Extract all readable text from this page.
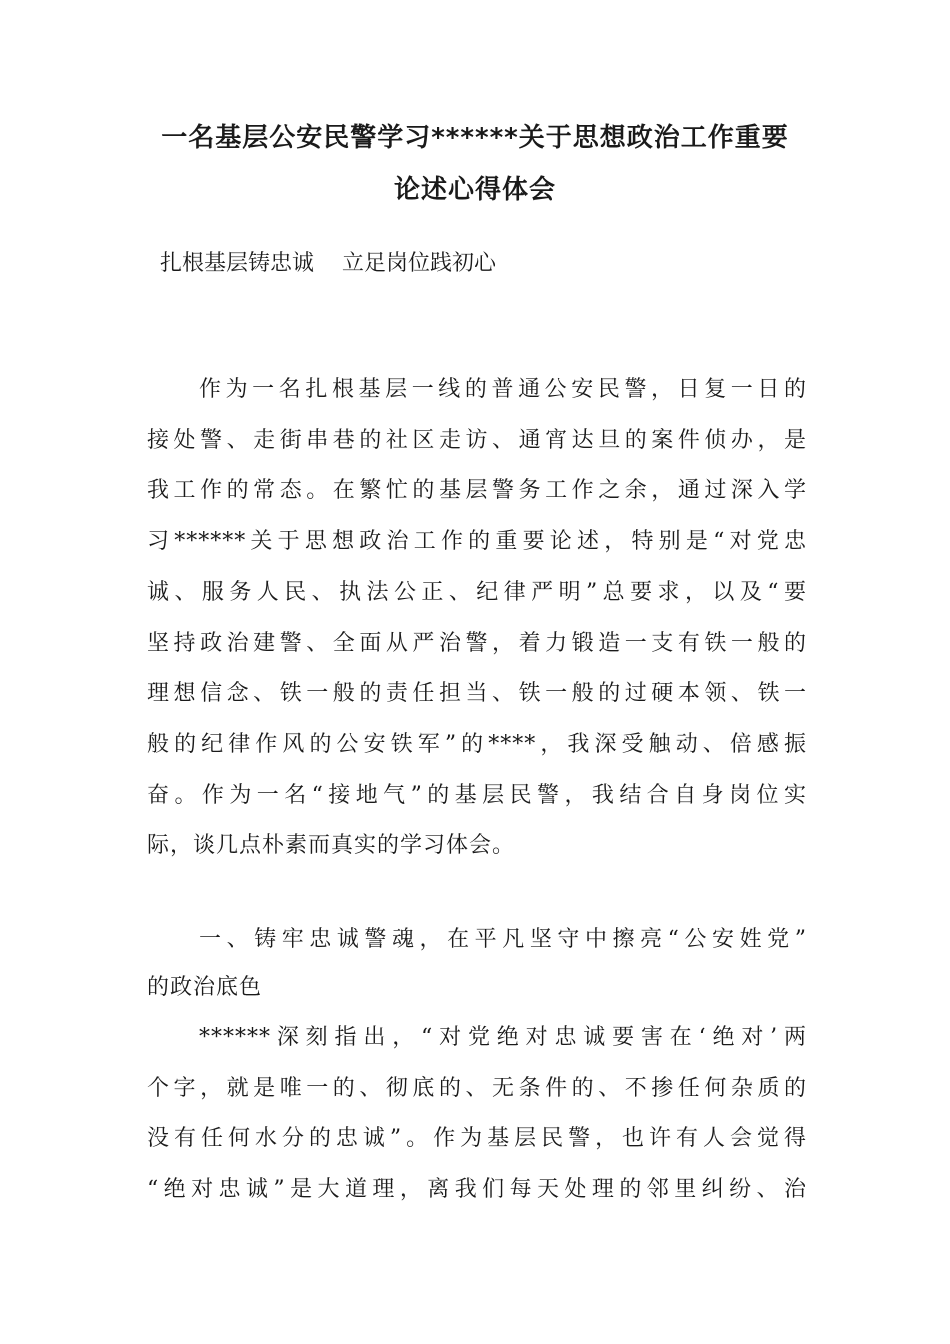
一名基层公安民警学习******关于思想政治工作重要
论述心得体会

扎根基层铸忠诚    立足岗位践初心

作为一名扎根基层一线的普通公安民警，日复一日的
接处警、走街串巷的社区走访、通宵达旦的案件侦办，是
我工作的常态。在繁忙的基层警务工作之余，通过深入学
习******关于思想政治工作的重要论述，特别是“对党忠
诚、服务人民、执法公正、纪律严明”总要求，以及“要
坚持政治建警、全面从严治警，着力锻造一支有铁一般的
理想信念、铁一般的责任担当、铁一般的过硬本领、铁一
般的纪律作风的公安铁军”的****，我深受触动、倍感振
奋。作为一名“接地气”的基层民警，我结合自身岗位实
际，谈几点朴素而真实的学习体会。
一、铸牢忠诚警魂，在平凡坚守中擦亮“公安姓党”
的政治底色
******深刻指出，“对党绝对忠诚要害在‘绝对’两
个字，就是唯一的、彻底的、无条件的、不掺任何杂质的
没有任何水分的忠诚”。作为基层民警，也许有人会觉得
“绝对忠诚”是大道理，离我们每天处理的邻里纠纷、治
